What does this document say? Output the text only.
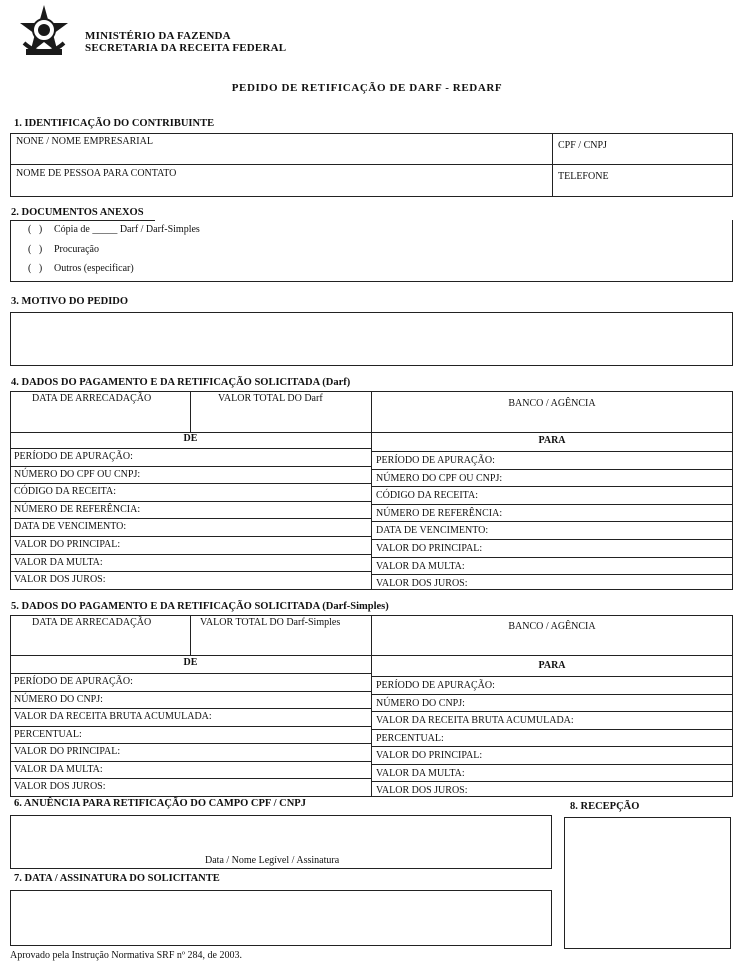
MINISTÉRIO DA FAZENDA
SECRETARIA DA RECEITA FEDERAL
PEDIDO DE RETIFICAÇÃO DE DARF - REDARF
1. IDENTIFICAÇÃO DO CONTRIBUINTE
NONE / NOME EMPRESARIAL	CPF / CNPJ
NOME DE PESSOA PARA CONTATO	TELEFONE
2. DOCUMENTOS ANEXOS
( ) Cópia de _____ Darf / Darf-Simples
( ) Procuração
( ) Outros (especificar)
3. MOTIVO DO PEDIDO
4. DADOS DO PAGAMENTO E DA RETIFICAÇÃO SOLICITADA (Darf)
DATA DE ARRECADAÇÃO	VALOR TOTAL DO Darf	BANCO / AGÊNCIA
DE	PARA
PERÍODO DE APURAÇÃO:	PERÍODO DE APURAÇÃO:
NÚMERO DO CPF OU CNPJ:	NÚMERO DO CPF OU CNPJ:
CÓDIGO DA RECEITA:	CÓDIGO DA RECEITA:
NÚMERO DE REFERÊNCIA:	NÚMERO DE REFERÊNCIA:
DATA DE VENCIMENTO:	DATA DE VENCIMENTO:
VALOR DO PRINCIPAL:	VALOR DO PRINCIPAL:
VALOR DA MULTA:	VALOR DA MULTA:
VALOR DOS JUROS:	VALOR DOS JUROS:
5. DADOS DO PAGAMENTO E DA RETIFICAÇÃO SOLICITADA (Darf-Simples)
DATA DE ARRECADAÇÃO	VALOR TOTAL DO Darf-Simples	BANCO / AGÊNCIA
DE	PARA
PERÍODO DE APURAÇÃO:	PERÍODO DE APURAÇÃO:
NÚMERO DO CNPJ:	NÚMERO DO CNPJ:
VALOR DA RECEITA BRUTA ACUMULADA:	VALOR DA RECEITA BRUTA ACUMULADA:
PERCENTUAL:	PERCENTUAL:
VALOR DO PRINCIPAL:	VALOR DO PRINCIPAL:
VALOR DA MULTA:	VALOR DA MULTA:
VALOR DOS JUROS:	VALOR DOS JUROS:
6. ANUÊNCIA PARA RETIFICAÇÃO DO CAMPO CPF / CNPJ
Data / Nome Legível / Assinatura
7. DATA / ASSINATURA DO SOLICITANTE
8. RECEPÇÃO
Aprovado pela Instrução Normativa SRF nº 284, de 2003.
